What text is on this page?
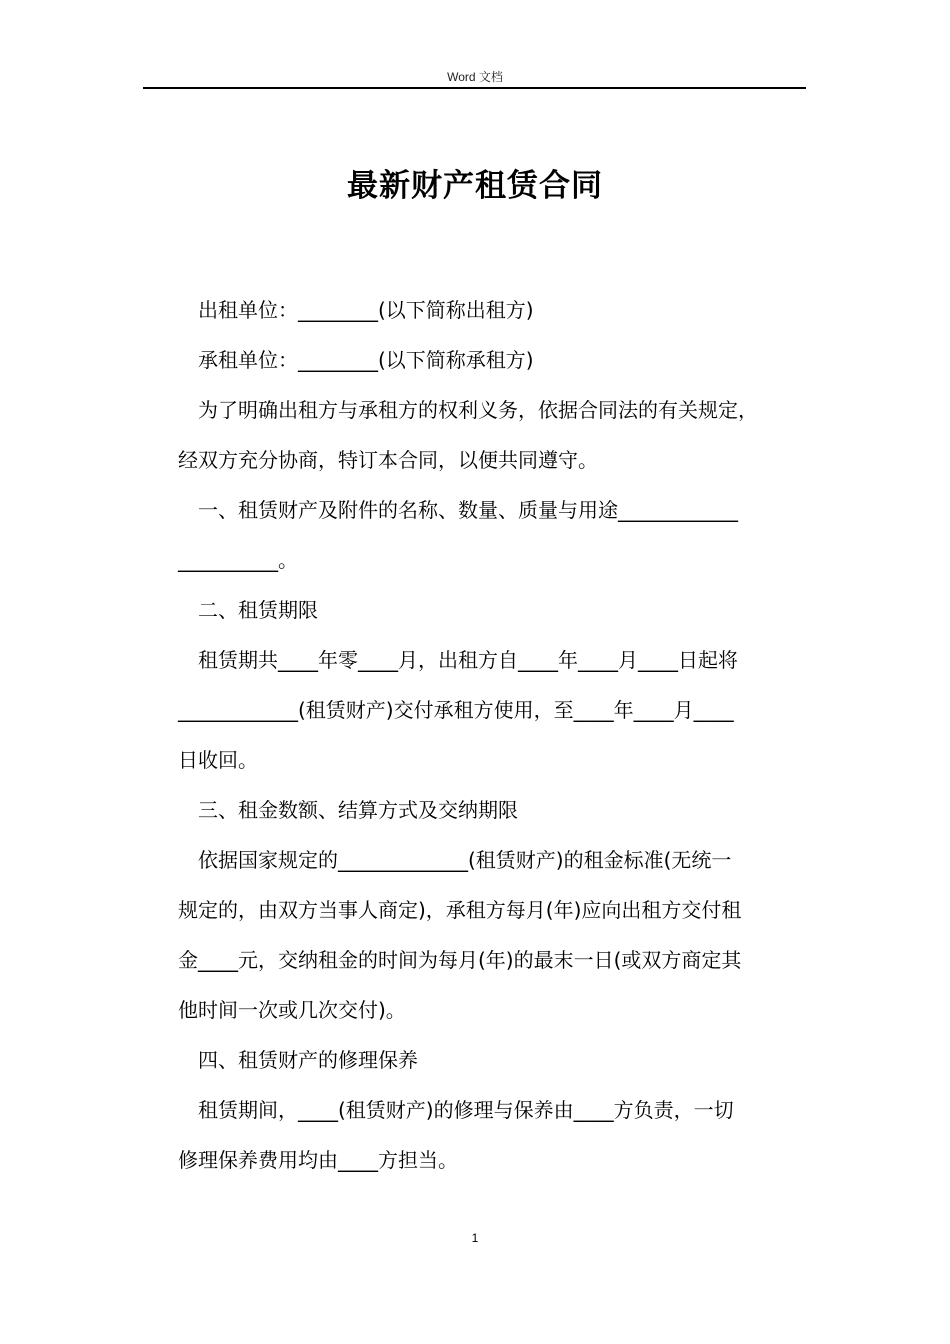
Word 文档
最新财产租赁合同
出租单位：________(以下简称出租方)
承租单位：________(以下简称承租方)
为了明确出租方与承租方的权利义务，依据合同法的有关规定，
经双方充分协商，特订本合同，以便共同遵守。
一、租赁财产及附件的名称、数量、质量与用途____________
__________。
二、租赁期限
租赁期共____年零____月，出租方自____年____月____日起将
____________(租赁财产)交付承租方使用，至____年____月____
日收回。
三、租金数额、结算方式及交纳期限
依据国家规定的_____________(租赁财产)的租金标准(无统一
规定的，由双方当事人商定)，承租方每月(年)应向出租方交付租
金____元，交纳租金的时间为每月(年)的最末一日(或双方商定其
他时间一次或几次交付)。
四、租赁财产的修理保养
租赁期间，____(租赁财产)的修理与保养由____方负责，一切
修理保养费用均由____方担当。
1
